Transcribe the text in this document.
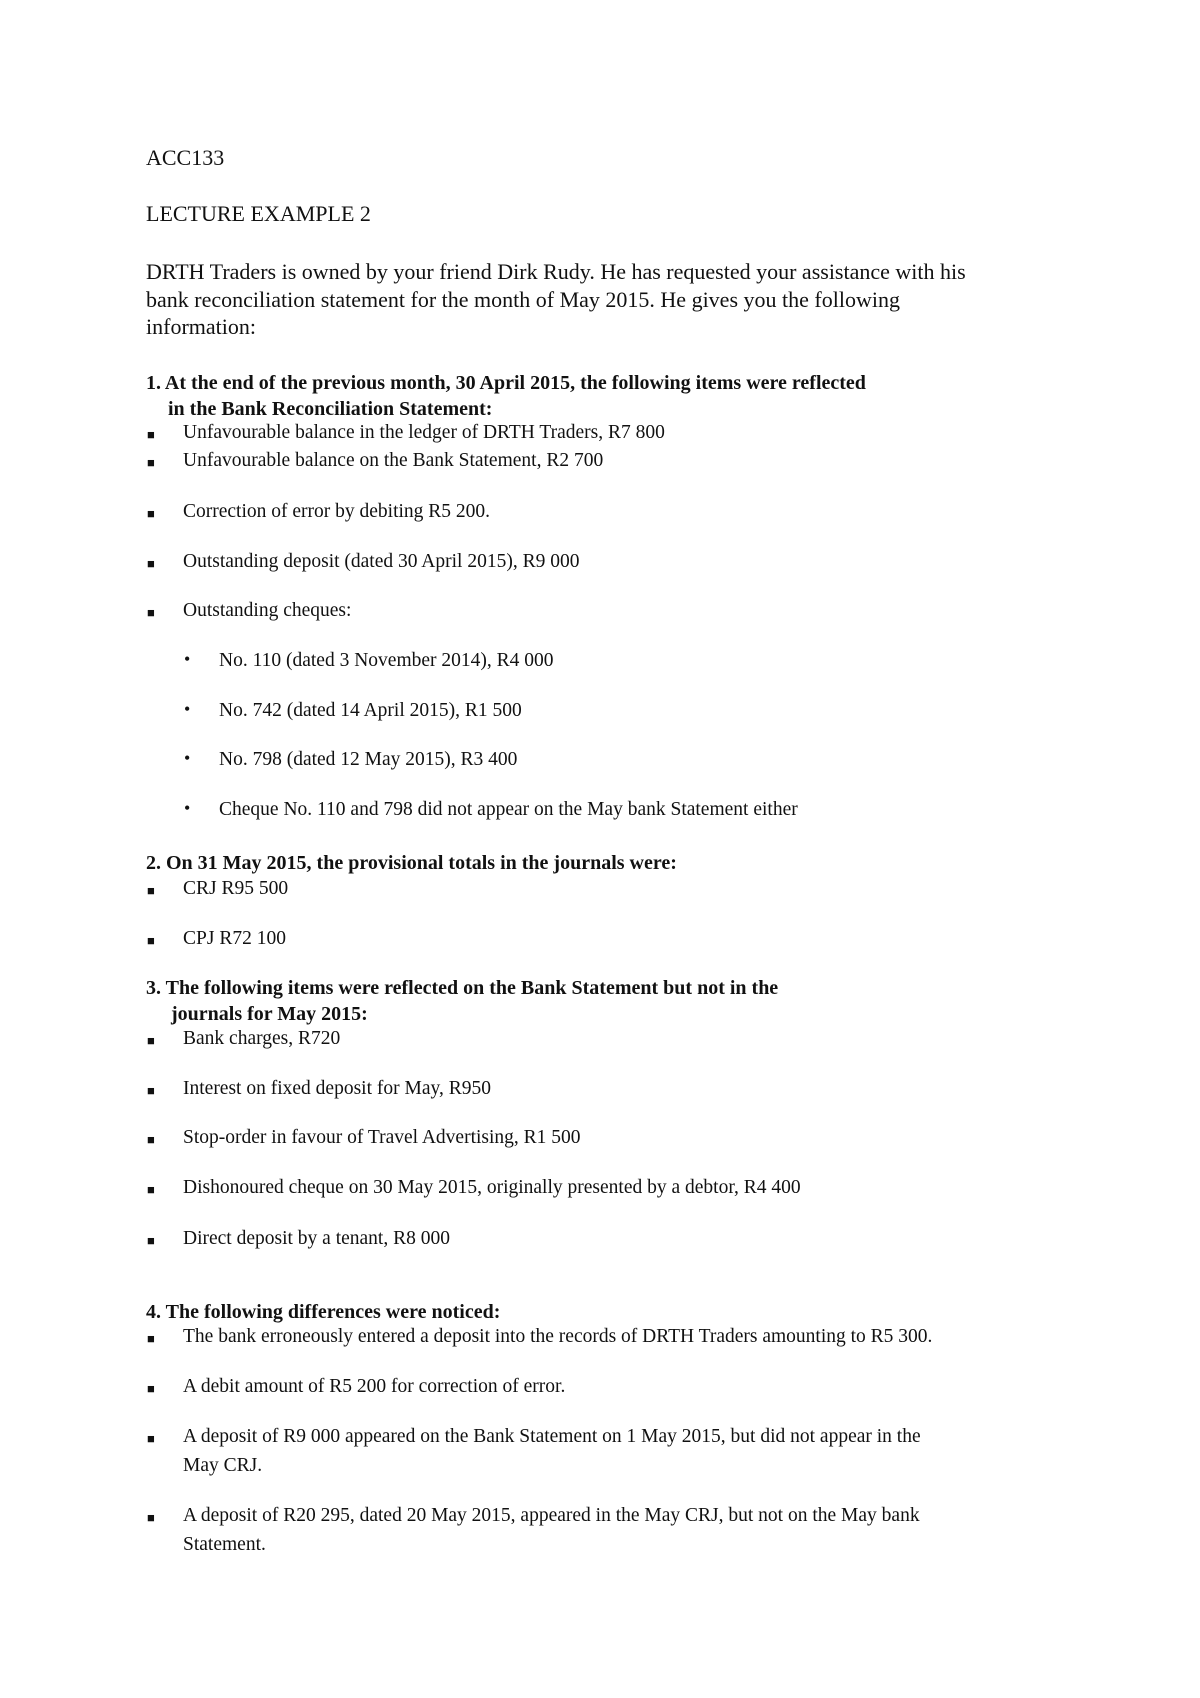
ACC133
LECTURE EXAMPLE 2
DRTH Traders is owned by your friend Dirk Rudy. He has requested your assistance with his
bank reconciliation statement for the month of May 2015. He gives you the following
information:
1. At the end of the previous month, 30 April 2015, the following items were reflected
in the Bank Reconciliation Statement:
■ Unfavourable balance in the ledger of DRTH Traders, R7 800
■ Unfavourable balance on the Bank Statement, R2 700
■ Correction of error by debiting R5 200.
■ Outstanding deposit (dated 30 April 2015), R9 000
■ Outstanding cheques:
• No. 110 (dated 3 November 2014), R4 000
• No. 742 (dated 14 April 2015), R1 500
• No. 798 (dated 12 May 2015), R3 400
• Cheque No. 110 and 798 did not appear on the May bank Statement either
2. On 31 May 2015, the provisional totals in the journals were:
■ CRJ R95 500
■ CPJ R72 100
3. The following items were reflected on the Bank Statement but not in the
journals for May 2015:
■ Bank charges, R720
■ Interest on fixed deposit for May, R950
■ Stop-order in favour of Travel Advertising, R1 500
■ Dishonoured cheque on 30 May 2015, originally presented by a debtor, R4 400
■ Direct deposit by a tenant, R8 000
4. The following differences were noticed:
■ The bank erroneously entered a deposit into the records of DRTH Traders amounting to R5 300.
■ A debit amount of R5 200 for correction of error.
■ A deposit of R9 000 appeared on the Bank Statement on 1 May 2015, but did not appear in the
May CRJ.
■ A deposit of R20 295, dated 20 May 2015, appeared in the May CRJ, but not on the May bank
Statement.
